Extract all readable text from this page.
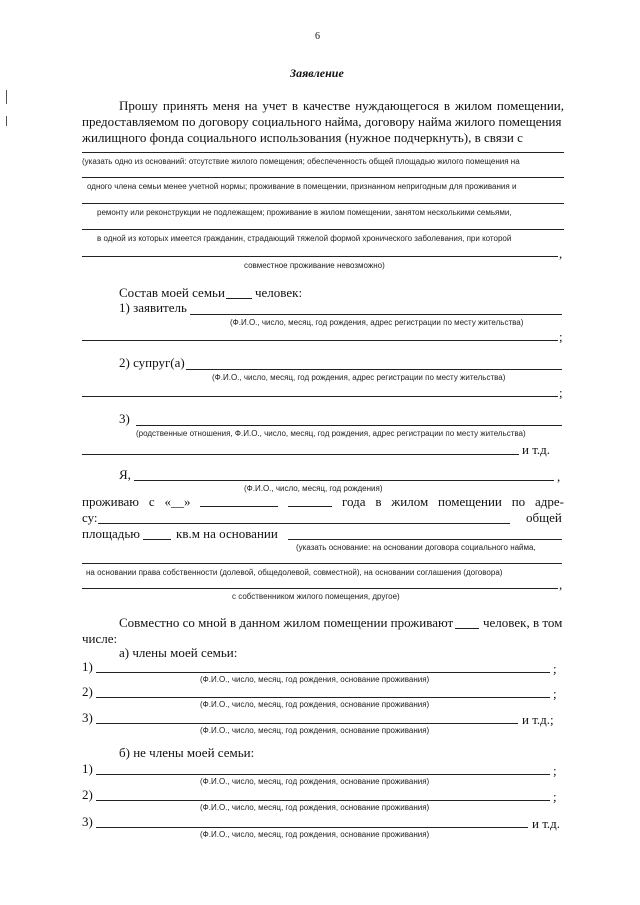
6
Заявление
Прошу принять меня на учет в качестве нуждающегося в жилом помещении,
предоставляемом по договору социального найма, договору найма жилого помещения
жилищного фонда социального использования (нужное подчеркнуть), в связи с
(указать одно из оснований: отсутствие жилого помещения; обеспеченность общей площадью жилого помещения на
одного члена семьи менее учетной нормы; проживание в помещении, признанном непригодным для проживания и
ремонту или реконструкции не подлежащем; проживание в жилом помещении, занятом несколькими семьями,
в одной из которых имеется гражданин, страдающий тяжелой формой хронического заболевания, при которой
,
совместное проживание невозможно)
Состав моей семьи человек:
1) заявитель
(Ф.И.О., число, месяц, год рождения, адрес регистрации по месту жительства)
;
2) супруг(а)
(Ф.И.О., число, месяц, год рождения, адрес регистрации по месту жительства)
;
3)
(родственные отношения, Ф.И.О., число, месяц, год рождения, адрес регистрации по месту жительства)
и т.д.
Я,	,
(Ф.И.О., число, месяц, год рождения)
проживаю с «__»	года в жилом помещении по адре-
су:	общей
площадью	кв.м на основании
(указать основание: на основании договора социального найма,
на основании права собственности (долевой, общедолевой, совместной), на основании соглашения (договора)
,
с собственником жилого помещения, другое)
Совместно со мной в данном жилом помещении проживают человек, в том
числе:
а) члены моей семьи:
1)	;
(Ф.И.О., число, месяц, год рождения, основание проживания)
2)	;
(Ф.И.О., число, месяц, год рождения, основание проживания)
3)	и т.д.;
(Ф.И.О., число, месяц, год рождения, основание проживания)
б) не члены моей семьи:
1)	;
(Ф.И.О., число, месяц, год рождения, основание проживания)
2)	;
(Ф.И.О., число, месяц, год рождения, основание проживания)
3)	и т.д.
(Ф.И.О., число, месяц, год рождения, основание проживания)
